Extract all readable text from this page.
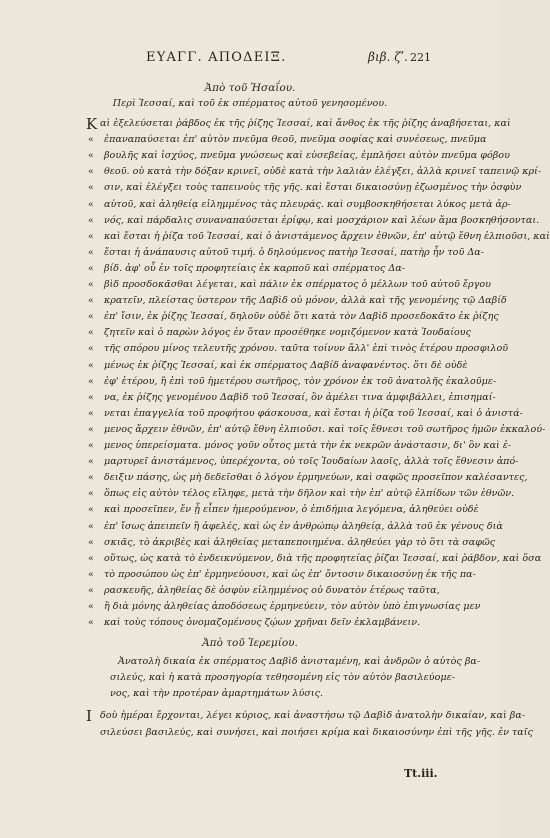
ΕΥΑΓΓ. ΑΠΟΔΕΙΞ.	βιβ. ζʹ. 221
Ἀπὸ τοῦ Ἠσαΐου.
Περὶ Ἰεσσαί, καὶ τοῦ ἐκ σπέρματος αὐτοῦ γενησομένου.
Κ αὶ ἐξελεύσεται ῥάβδος ἐκ τῆς ῥίζης Ἰεσσαί, καὶ ἄνθος ἐκ τῆς ῥίζης ἀναβήσεται, καὶ
ἐπαναπαύσεται ἐπ' αὐτὸν πνεῦμα θεοῦ, πνεῦμα σοφίας καὶ συνέσεως, πνεῦμα
«
βουλῆς καὶ ἰσχύος, πνεῦμα γνώσεως καὶ εὐσεβείας, ἐμπλήσει αὐτὸν πνεῦμα φόβου
«
θεοῦ. οὐ κατὰ τὴν δόξαν κρινεῖ, οὐδὲ κατὰ τὴν λαλιὰν ἐλέγξει, ἀλλὰ κρινεῖ ταπεινῷ κρί-
«
σιν, καὶ ἐλέγξει τοὺς ταπεινοὺς τῆς γῆς. καὶ ἔσται δικαιοσύνῃ ἐζωσμένος τὴν ὀσφὺν
«
αὐτοῦ, καὶ ἀληθείᾳ εἰλημμένος τὰς πλευράς. καὶ συμβοσκηθήσεται λύκος μετὰ ἀρ-
«
νός, καὶ πάρδαλις συναναπαύσεται ἐρίφῳ, καὶ μοσχάριον καὶ λέων ἅμα βοσκηθήσονται.
«
καὶ ἔσται ἡ ῥίζα τοῦ Ἰεσσαί, καὶ ὁ ἀνιστάμενος ἄρχειν ἐθνῶν, ἐπ' αὐτῷ ἔθνη ἐλπιοῦσι, καὶ
«
ἔσται ἡ ἀνάπαυσις αὐτοῦ τιμή. ὁ δηλούμενος πατὴρ Ἰεσσαί, πατὴρ ἦν τοῦ Δα-
«
βίδ. ἀφ' οὗ ἐν τοῖς προφητείαις ἐκ καρποῦ καὶ σπέρματος Δα-
«
βὶδ προσδοκᾶσθαι λέγεται, καὶ πάλιν ἐκ σπέρματος ὁ μέλλων τοῦ αὐτοῦ ἔργου
«
κρατεῖν, πλείστας ὑστερον τῆς Δαβὶδ οὐ μόνον, ἀλλὰ καὶ τῆς γενομένης τῷ Δαβίδ
«
ἐπ' ἴσιν, ἐκ ῥίζης Ἰεσσαί, δηλοῦν οὐδὲ ὅτι κατὰ τὸν Δαβὶδ προσεδοκᾶτο ἐκ ῥίζης
«
ζητεῖν καὶ ὁ παρὼν λόγος ἐν ὅταν προσέθηκε νομιζόμενον κατὰ Ἰουδαίους
«
τῆς σπόρου μίνος τελευτῆς χρόνου. ταῦτα τοίνυν ἄλλ' ἐπὶ τινὸς ἑτέρου προσφιλοῦ
«
μένως ἐκ ῥίζης Ἰεσσαί, καὶ ἐκ σπέρματος Δαβίδ ἀναφανέντος. ὅτι δὲ οὐδὲ
«
ἐφ' ἑτέρου, ἢ ἐπὶ τοῦ ἡμετέρου σωτῆρος, τὸν χρόνον ἐκ τοῦ ἀνατολῆς ἐκαλοῦμε-
«
να, ἐκ ῥίζης γενομένου Δαβὶδ τοῦ Ἰεσσαί, ὃν ἀμέλει τινα ἀμφιβάλλει, ἐπισημαί-
«
νεται ἐπαγγελία τοῦ προφήτου φάσκουσα, καὶ ἔσται ἡ ῥίζα τοῦ Ἰεσσαί, καὶ ὁ ἀνιστά-
«
μενος ἄρχειν ἐθνῶν, ἐπ' αὐτῷ ἔθνη ἐλπιοῦσι. καὶ τοῖς ἔθνεσι τοῦ σωτῆρος ἡμῶν ἐκκαλού-
«
μενος ὑπερείσματα. μόνος γοῦν οὗτος μετὰ τὴν ἐκ νεκρῶν ἀνάστασιν, δι' ὃν καὶ ἐ-
«
μαρτυρεῖ ἀνιστάμενος, ὑπερέχοντα, οὐ τοῖς Ἰουδαίων λαοῖς, ἀλλὰ τοῖς ἔθνεσιν ἀπό-
«
δειξιν πάσης, ὡς μὴ δεδεῖσθαι ὁ λόγον ἑρμηνεύων, καὶ σαφῶς προσεῖπον καλέσαντες,
«
ὅπως εἰς αὐτὸν τέλος εἴληφε, μετὰ τὴν δῆλον καὶ τὴν ἐπ' αὐτῷ ἐλπίδων τῶν ἐθνῶν.
«
καὶ προσεῖπεν, ἔν ᾗ εἶπεν ἡμερούμενον, ὁ ἐπιδήμια λεγόμενα, ἀληθεύει οὐδὲ
«
ἐπ' ἴσως ἀπειπεῖν ἢ ἀφελές, καὶ ὡς ἐν ἀνθρώπῳ ἀληθείᾳ, ἀλλὰ τοῦ ἐκ γένους διὰ
«
σκιᾶς, τὸ ἀκριβὲς καὶ ἀληθείας μεταπεποιημένα. ἀληθεύει γὰρ τὸ ὅτι τὰ σαφῶς
«
οὕτως, ὡς κατὰ τὸ ἐνδεικνύμενον, διὰ τῆς προφητείας ῥίζαι Ἰεσσαί, καὶ ῥάβδον, καὶ ὅσα
«
τὸ προσώπου ὡς ἐπ' ἑρμηνεύουσι, καὶ ὡς ἐπ' ὄντοσιν δικαιοσύνῃ ἐκ τῆς πα-
«
ρασκευῆς, ἀληθείας δὲ ὀσφὺν εἰλημμένος οὐ δυνατὸν ἑτέρως ταῦτα,
«
ἢ διὰ μόνης ἀληθείας ἀποδόσεως ἑρμηνεύειν, τὸν αὐτὸν ὑπὸ ἐπιγνωσίας μεν
«
καὶ τοὺς τόπους ὀνομαζομένους ζῴων χρῆναι δεῖν ἐκλαμβάνειν.
«
Ἀπὸ τοῦ Ἱερεμίου.
Ἀνατολὴ δικαία ἐκ σπέρματος Δαβὶδ ἀνισταμένη, καὶ ἀνδρῶν ὁ αὐτὸς βα-
σιλεύς, καὶ ἡ κατὰ προσηγορία τεθησομένη εἰς τὸν αὐτὸν βασιλεύομε-
νος, καὶ τὴν προτέραν ἀμαρτημάτων λύσις.
Ι δοὺ ἡμέραι ἔρχονται, λέγει κύριος, καὶ ἀναστήσω τῷ Δαβὶδ ἀνατολὴν δικαίαν, καὶ βα-
σιλεύσει βασιλεύς, καὶ συνήσει, καὶ ποιήσει κρίμα καὶ δικαιοσύνην ἐπὶ τῆς γῆς. ἐν ταῖς
Tt.iii.
